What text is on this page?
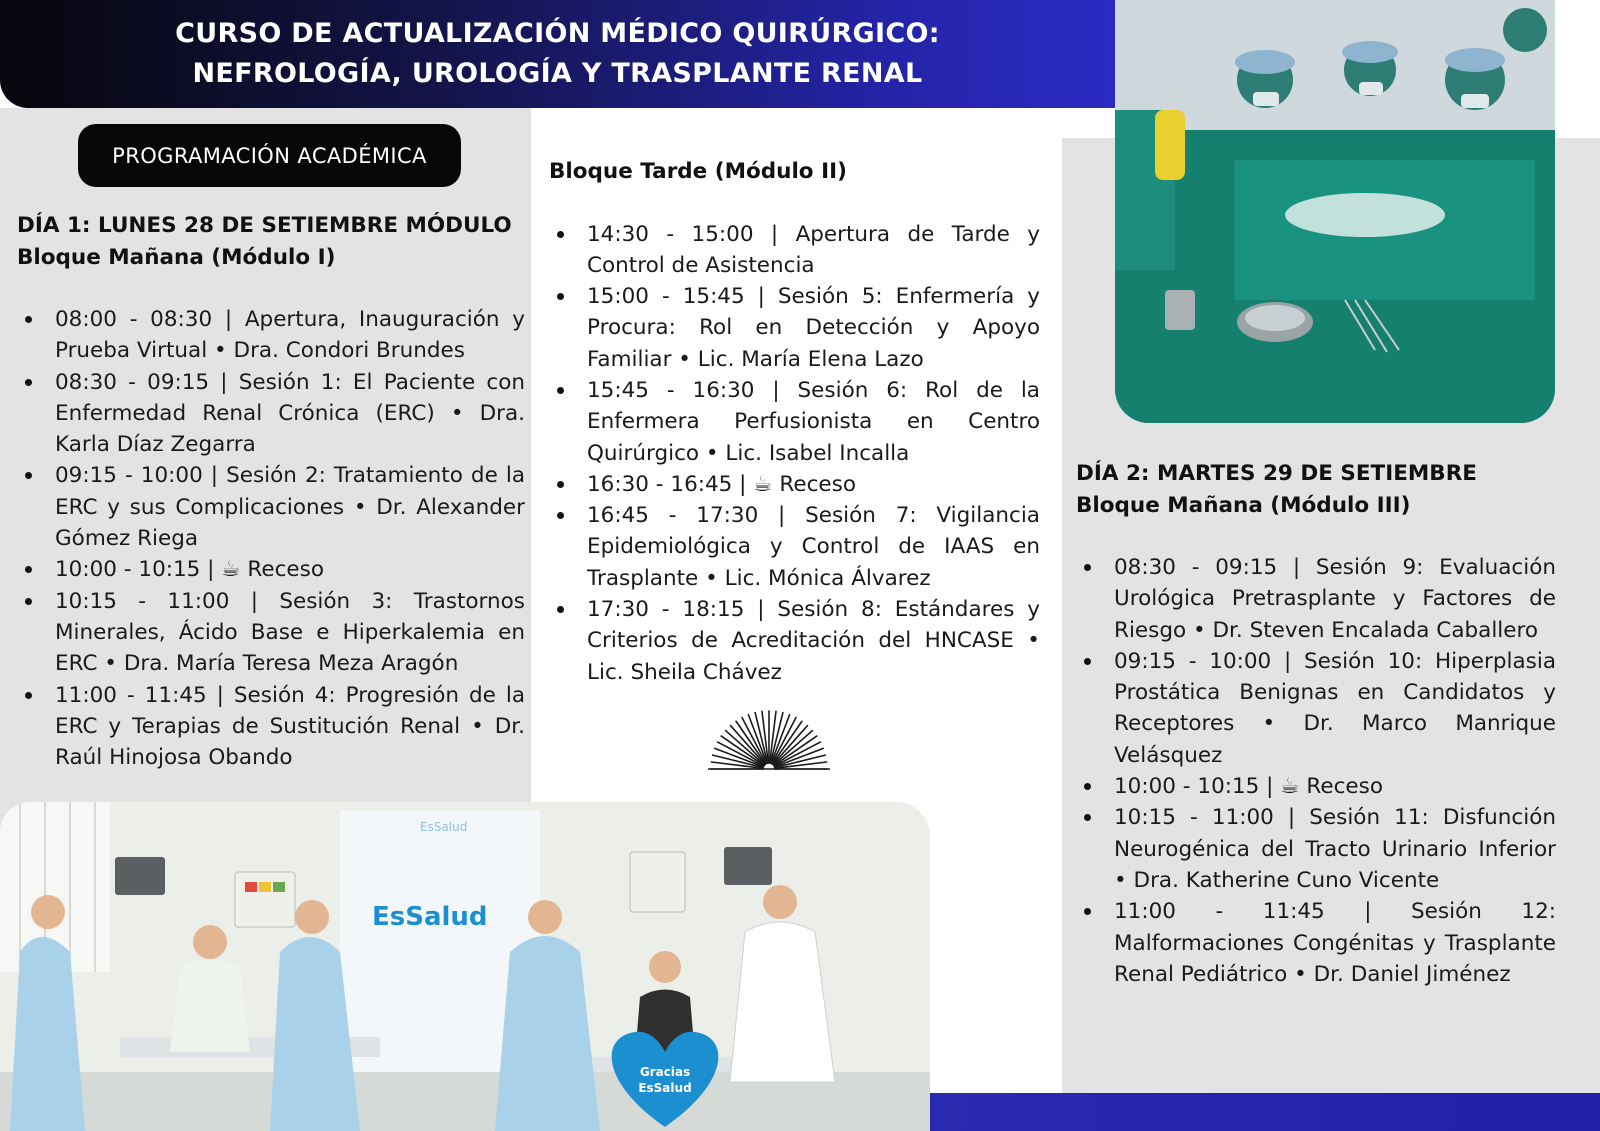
CURSO DE ACTUALIZACIÓN MÉDICO QUIRÚRGICO:
NEFROLOGÍA, UROLOGÍA Y TRASPLANTE RENAL
PROGRAMACIÓN ACADÉMICA
DÍA 1: LUNES 28 DE SETIEMBRE MÓDULO
Bloque Mañana (Módulo I)
08:00 - 08:30 | Apertura, Inauguración y Prueba Virtual • Dra. Condori Brundes
08:30 - 09:15 | Sesión 1: El Paciente con Enfermedad Renal Crónica (ERC) • Dra. Karla Díaz Zegarra
09:15 - 10:00 | Sesión 2: Tratamiento de la ERC y sus Complicaciones • Dr. Alexander Gómez Riega
10:00 - 10:15 | ☕ Receso
10:15 - 11:00 | Sesión 3: Trastornos Minerales, Ácido Base e Hiperkalemia en ERC • Dra. María Teresa Meza Aragón
11:00 - 11:45 | Sesión 4: Progresión de la ERC y Terapias de Sustitución Renal • Dr. Raúl Hinojosa Obando
Bloque Tarde (Módulo II)
14:30 - 15:00 | Apertura de Tarde y Control de Asistencia
15:00 - 15:45 | Sesión 5: Enfermería y Procura: Rol en Detección y Apoyo Familiar • Lic. María Elena Lazo
15:45 - 16:30 | Sesión 6: Rol de la Enfermera Perfusionista en Centro Quirúrgico • Lic. Isabel Incalla
16:30 - 16:45 | ☕ Receso
16:45 - 17:30 | Sesión 7: Vigilancia Epidemiológica y Control de IAAS en Trasplante • Lic. Mónica Álvarez
17:30 - 18:15 | Sesión 8: Estándares y Criterios de Acreditación del HNCASE • Lic. Sheila Chávez
DÍA 2: MARTES 29 DE SETIEMBRE
Bloque Mañana (Módulo III)
08:30 - 09:15 | Sesión 9: Evaluación Urológica Pretrasplante y Factores de Riesgo • Dr. Steven Encalada Caballero
09:15 - 10:00 | Sesión 10: Hiperplasia Prostática Benignas en Candidatos y Receptores • Dr. Marco Manrique Velásquez
10:00 - 10:15 | ☕ Receso
10:15 - 11:00 | Sesión 11: Disfunción Neurogénica del Tracto Urinario Inferior • Dra. Katherine Cuno Vicente
11:00 - 11:45 | Sesión 12: Malformaciones Congénitas y Trasplante Renal Pediátrico • Dr. Daniel Jiménez
EsSalud
EsSalud
Gracias
EsSalud
